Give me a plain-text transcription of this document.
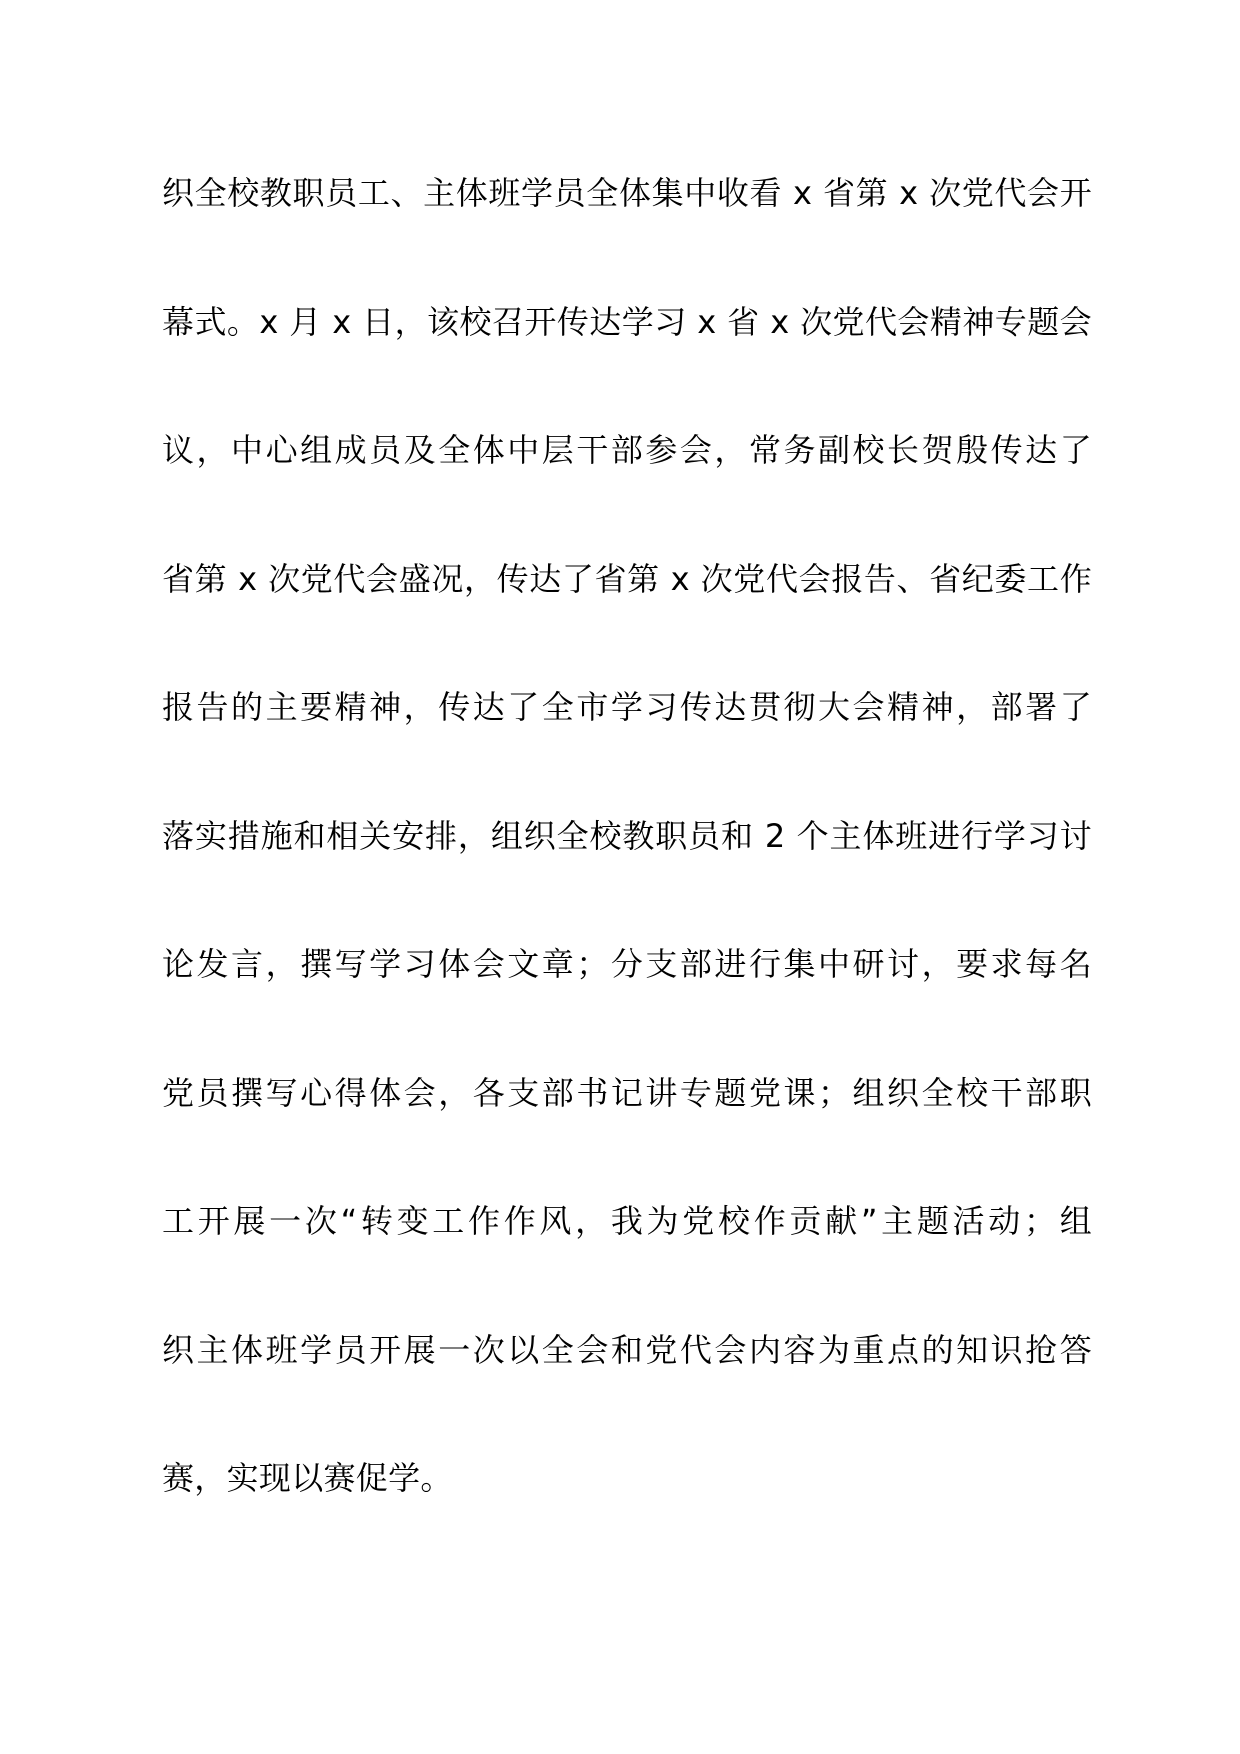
织全校教职员工、主体班学员全体集中收看 x 省第 x 次党代会开
幕式。x 月 x 日，该校召开传达学习 x 省 x 次党代会精神专题会
议，中心组成员及全体中层干部参会，常务副校长贺殷传达了
省第 x 次党代会盛况，传达了省第 x 次党代会报告、省纪委工作
报告的主要精神，传达了全市学习传达贯彻大会精神，部署了
落实措施和相关安排，组织全校教职员和 2 个主体班进行学习讨
论发言，撰写学习体会文章；分支部进行集中研讨，要求每名
党员撰写心得体会，各支部书记讲专题党课；组织全校干部职
工开展一次“转变工作作风，我为党校作贡献”主题活动；组
织主体班学员开展一次以全会和党代会内容为重点的知识抢答
赛，实现以赛促学。
